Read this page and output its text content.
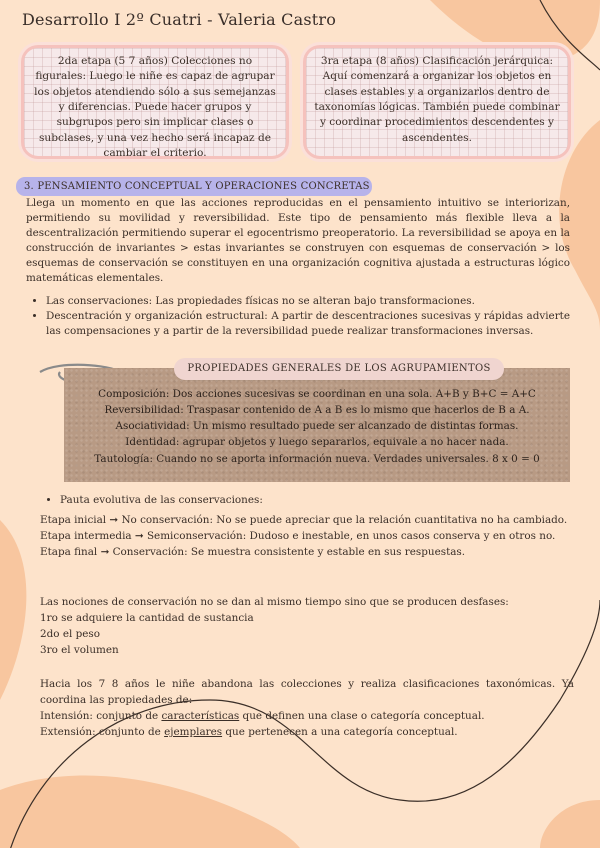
Desarrollo I 2º Cuatri - Valeria Castro
2da etapa (5 7 años) Colecciones no figurales: Luego le niñe es capaz de agrupar los objetos atendiendo sólo a sus semejanzas y diferencias. Puede hacer grupos y subgrupos pero sin implicar clases o subclases, y una vez hecho será incapaz de cambiar el criterio.
3ra etapa (8 años) Clasificación jerárquica: Aquí comenzará a organizar los objetos en clases estables y a organizarlos dentro de taxonomías lógicas. También puede combinar y coordinar procedimientos descendentes y ascendentes.
3. PENSAMIENTO CONCEPTUAL Y OPERACIONES CONCRETAS
Llega un momento en que las acciones reproducidas en el pensamiento intuitivo se interiorizan, permitiendo su movilidad y reversibilidad. Este tipo de pensamiento más flexible lleva a la descentralización permitiendo superar el egocentrismo preoperatorio. La reversibilidad se apoya en la construcción de invariantes > estas invariantes se construyen con esquemas de conservación > los esquemas de conservación se constituyen en una organización cognitiva ajustada a estructuras lógico matemáticas elementales.
• Las conservaciones: Las propiedades físicas no se alteran bajo transformaciones.
• Descentración y organización estructural: A partir de descentraciones sucesivas y rápidas advierte las compensaciones y a partir de la reversibilidad puede realizar transformaciones inversas.
Composición: Dos acciones sucesivas se coordinan en una sola. A+B y B+C = A+C
Reversibilidad: Traspasar contenido de A a B es lo mismo que hacerlos de B a A.
Asociatividad: Un mismo resultado puede ser alcanzado de distintas formas.
Identidad: agrupar objetos y luego separarlos, equivale a no hacer nada.
Tautología: Cuando no se aporta información nueva. Verdades universales. 8 x 0 = 0
PROPIEDADES GENERALES DE LOS AGRUPAMIENTOS
• Pauta evolutiva de las conservaciones:
Etapa inicial ➞ No conservación: No se puede apreciar que la relación cuantitativa no ha cambiado.
Etapa intermedia ➞ Semiconservación: Dudoso e inestable, en unos casos conserva y en otros no.
Etapa final ➞ Conservación: Se muestra consistente y estable en sus respuestas.
Las nociones de conservación no se dan al mismo tiempo sino que se producen desfases:
1ro se adquiere la cantidad de sustancia
2do el peso
3ro el volumen
Hacia los 7 8 años le niñe abandona las colecciones y realiza clasificaciones taxonómicas. Ya coordina las propiedades de:
Intensión: conjunto de características que definen una clase o categoría conceptual.
Extensión: conjunto de ejemplares que pertenecen a una categoría conceptual.
